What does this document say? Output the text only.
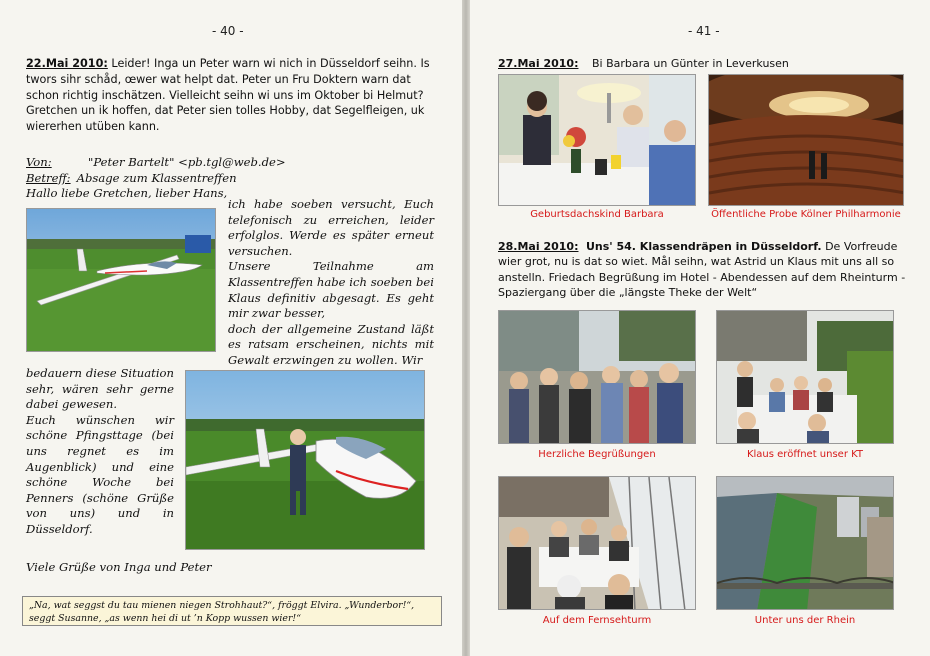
- 40 -
22.Mai 2010: Leider! Inga un Peter warn wi nich in Düsseldorf seihn. Is twors sihr schåd, œwer wat helpt dat. Peter un Fru Doktern warn dat schon richtig inschätzen. Vielleicht seihn wi uns im Oktober bi Helmut? Gretchen un ik hoffen, dat Peter sien tolles Hobby, dat Segelfleigen, uk wiererhen utüben kann.
Von:	"Peter Bartelt" <pb.tgl@web.de>
Betreff: Absage zum Klassentreffen
Hallo liebe Gretchen, lieber Hans,
ich habe soeben versucht, Euch telefonisch zu erreichen, leider erfolglos. Werde es später erneut versuchen.
Unsere Teilnahme am Klassentreffen habe ich soeben bei Klaus definitiv abgesagt. Es geht mir zwar besser,
doch der allgemeine Zustand läßt es ratsam erscheinen, nichts mit Gewalt erzwingen zu wollen. Wir
bedauern diese Situation sehr, wären sehr gerne dabei gewesen.
Euch wünschen wir schöne Pfingsttage (bei uns regnet es im Augenblick) und eine schöne Woche bei Penners (schöne Grüße von uns) und in Düsseldorf.
Viele Grüße von Inga und Peter
„Na, wat seggst du tau mienen niegen Strohhaut?“, fröggt Elvira. „Wunderbor!“, seggt Susanne, „as wenn hei di ut ’n Kopp wussen wier!“
- 41 -
27.Mai 2010: Bi Barbara un Günter in Leverkusen
Geburtsdachskind Barbara	Öffentliche Probe Kölner Philharmonie
28.Mai 2010: Uns' 54. Klassendräpen in Düsseldorf. De Vorfreude wier grot, nu is dat so wiet. Mål seihn, wat Astrid un Klaus mit uns all so anstelln. Friedach Begrüßung im Hotel - Abendessen auf dem Rheinturm - Spaziergang über die „längste Theke der Welt“
Herzliche Begrüßungen	Klaus eröffnet unser KT
Auf dem Fernsehturm	Unter uns der Rhein
